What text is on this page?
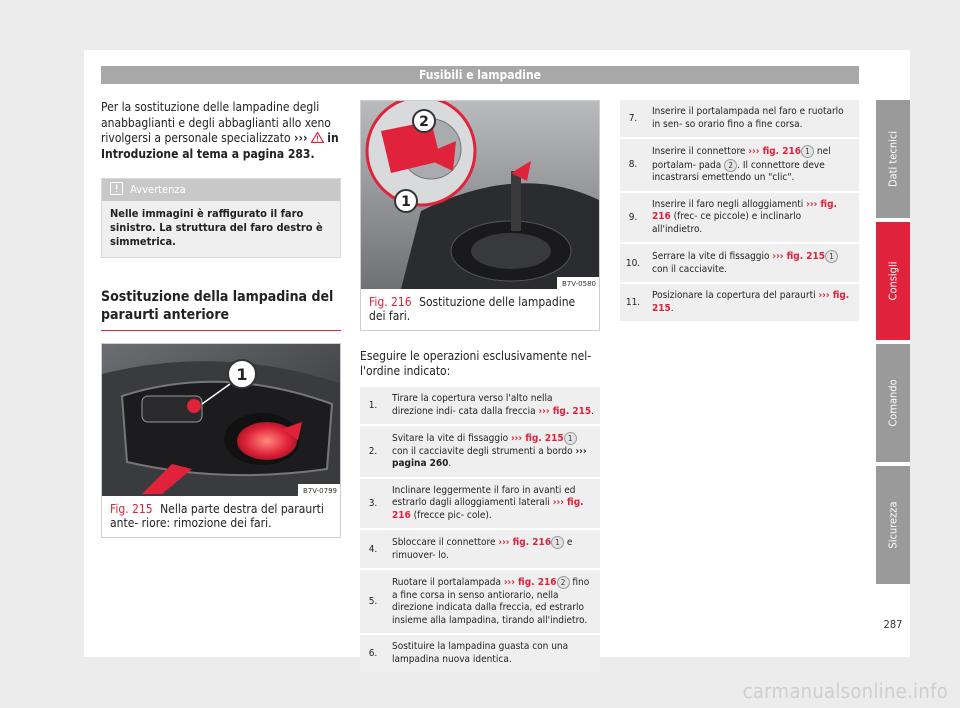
Fusibili e lampadine

Per la sostituzione delle lampadine degli anabbaglianti e degli abbaglianti allo xeno rivolgersi a personale specializzato ››› in Introduzione al tema a pagina 283.

Avvertenza
Nelle immagini è raffigurato il faro sinistro. La struttura del faro destro è simmetrica.
Sostituzione della lampadina del paraurti anteriore
1
B7V-0799
Fig. 215 Nella parte destra del paraurti ante- riore: rimozione dei fari.
2
1
B7V-0580
Fig. 216 Sostituzione delle lampadine dei fari.
Eseguire le operazioni esclusivamente nel- l'ordine indicato:
1.
Tirare la copertura verso l'alto nella direzione indi- cata dalla freccia ››› fig. 215.
2.
Svitare la vite di fissaggio ››› fig. 215 1 con il cacciavite degli strumenti a bordo ››› pagina 260.
3.
Inclinare leggermente il faro in avanti ed estrarlo dagli alloggiamenti laterali ››› fig. 216 (frecce pic- cole).
4.
Sbloccare il connettore ››› fig. 216 1 e rimuover- lo.
5.
Ruotare il portalampada ››› fig. 216 2 fino a fine corsa in senso antiorario, nella direzione indicata dalla freccia, ed estrarlo insieme alla lampadina, tirando all'indietro.
6.
Sostituire la lampadina guasta con una lampadina nuova identica.
7.
Inserire il portalampada nel faro e ruotarlo in sen- so orario fino a fine corsa.
8.
Inserire il connettore ››› fig. 216 1 nel portalam- pada 2 . Il connettore deve incastrarsi emettendo un "clic".
9.
Inserire il faro negli alloggiamenti ››› fig. 216 (frec- ce piccole) e inclinarlo all'indietro.
10.
Serrare la vite di fissaggio ››› fig. 215 1 con il cacciavite.
11.
Posizionare la copertura del paraurti ››› fig. 215.
Dati tecnici
Consigli
Comando
Sicurezza
287
carmanualsonline.info
